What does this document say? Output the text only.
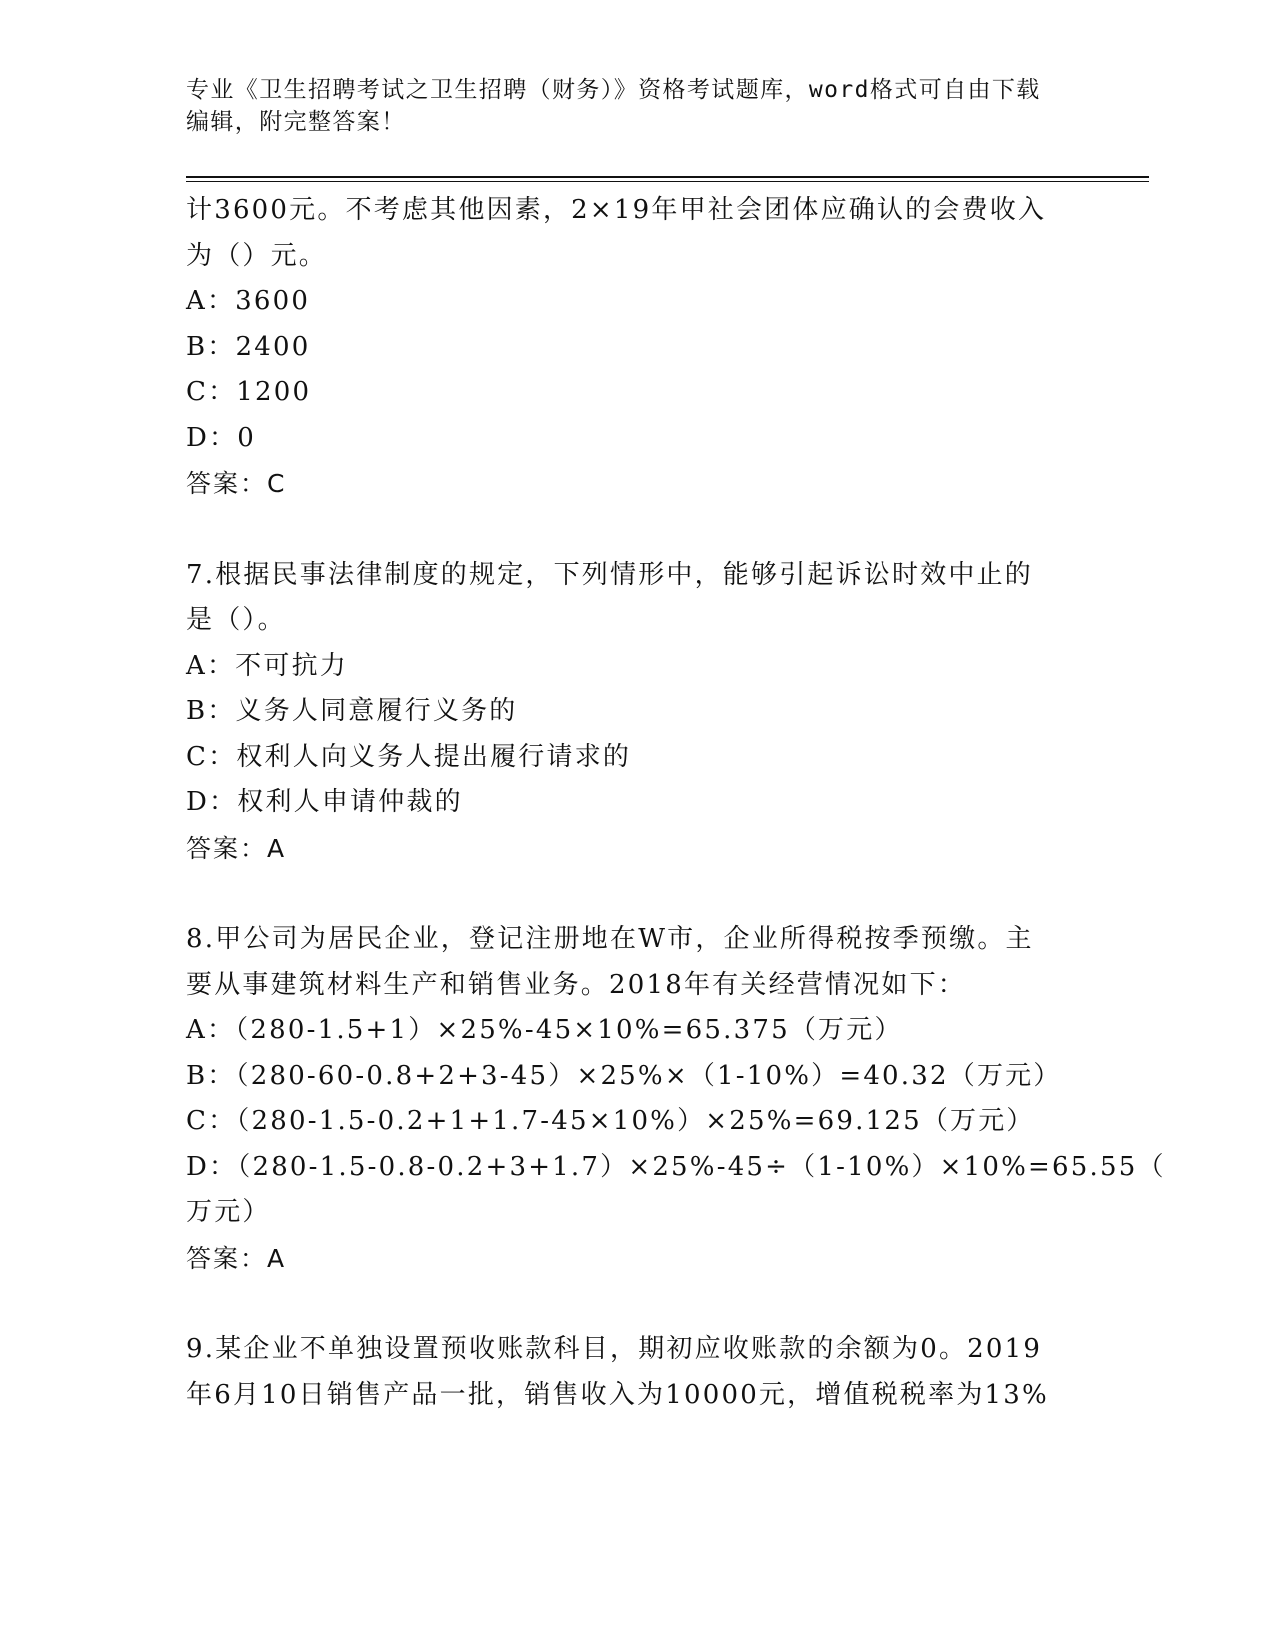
专业《卫生招聘考试之卫生招聘（财务）》资格考试题库，word格式可自由下载
编辑，附完整答案！
计3600元。不考虑其他因素，2×19年甲社会团体应确认的会费收入
为（）元。
A：3600
B：2400
C：1200
D：0
答案：C
7.根据民事法律制度的规定，下列情形中，能够引起诉讼时效中止的
是（）。
A：不可抗力
B：义务人同意履行义务的
C：权利人向义务人提出履行请求的
D：权利人申请仲裁的
答案：A
8.甲公司为居民企业，登记注册地在W市，企业所得税按季预缴。主
要从事建筑材料生产和销售业务。2018年有关经营情况如下：
A：（280-1.5+1）×25%-45×10%=65.375（万元）
B：（280-60-0.8+2+3-45）×25%×（1-10%）=40.32（万元）
C：（280-1.5-0.2+1+1.7-45×10%）×25%=69.125（万元）
D：（280-1.5-0.8-0.2+3+1.7）×25%-45÷（1-10%）×10%=65.55（
万元）
答案：A
9.某企业不单独设置预收账款科目，期初应收账款的余额为0。2019
年6月10日销售产品一批，销售收入为10000元，增值税税率为13%
